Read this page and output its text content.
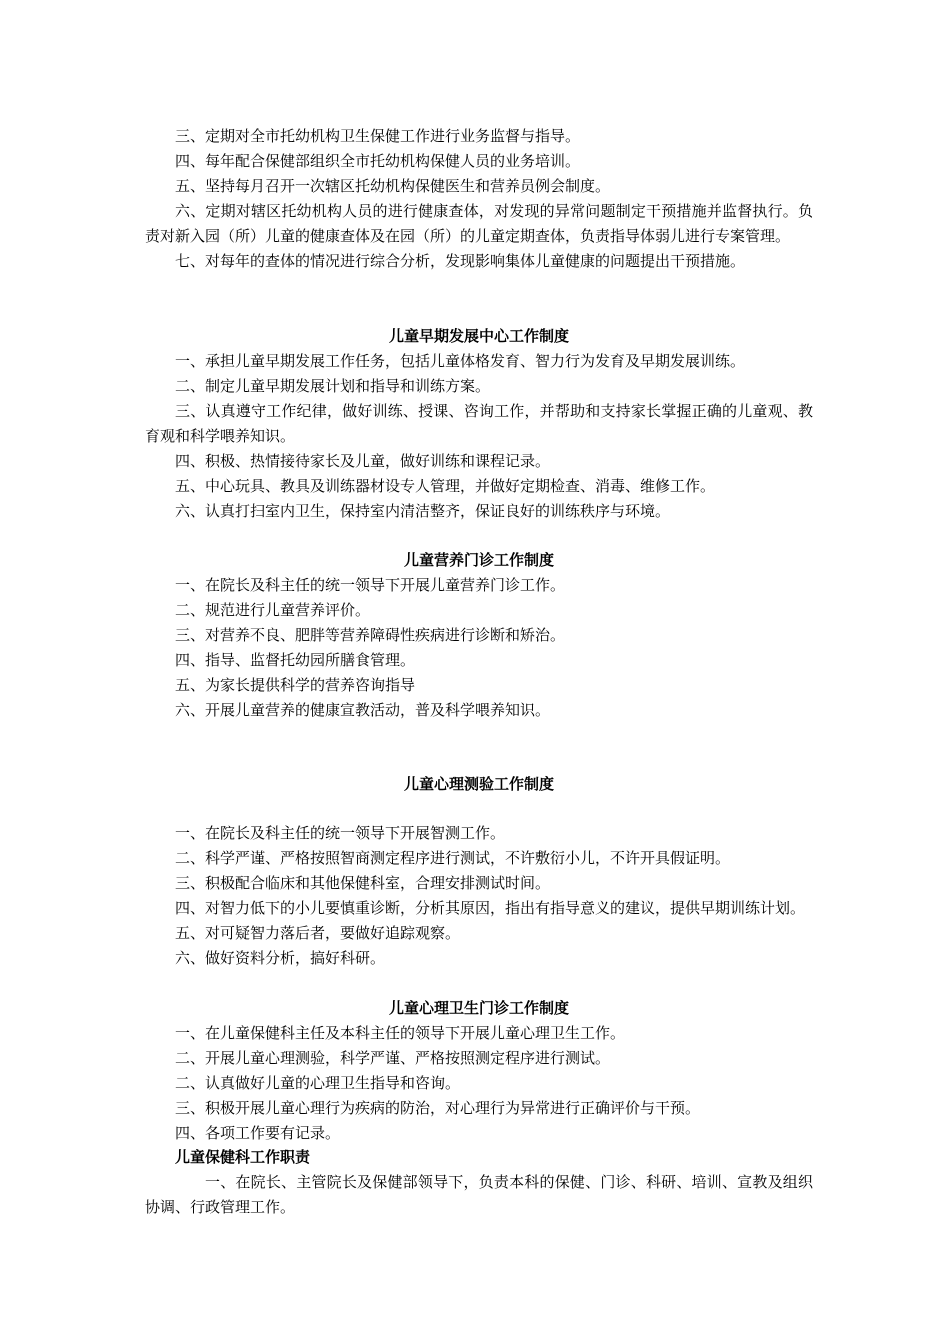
三、定期对全市托幼机构卫生保健工作进行业务监督与指导。

四、每年配合保健部组织全市托幼机构保健人员的业务培训。

五、坚持每月召开一次辖区托幼机构保健医生和营养员例会制度。

六、定期对辖区托幼机构人员的进行健康查体，对发现的异常问题制定干预措施并监督执行。负责对新入园（所）儿童的健康查体及在园（所）的儿童定期查体，负责指导体弱儿进行专案管理。

七、对每年的查体的情况进行综合分析，发现影响集体儿童健康的问题提出干预措施。

儿童早期发展中心工作制度

一、承担儿童早期发展工作任务，包括儿童体格发育、智力行为发育及早期发展训练。

二、制定儿童早期发展计划和指导和训练方案。

三、认真遵守工作纪律，做好训练、授课、咨询工作，并帮助和支持家长掌握正确的儿童观、教育观和科学喂养知识。

四、积极、热情接待家长及儿童，做好训练和课程记录。

五、中心玩具、教具及训练器材设专人管理，并做好定期检查、消毒、维修工作。

六、认真打扫室内卫生，保持室内清洁整齐，保证良好的训练秩序与环境。

儿童营养门诊工作制度

一、在院长及科主任的统一领导下开展儿童营养门诊工作。

二、规范进行儿童营养评价。

三、对营养不良、肥胖等营养障碍性疾病进行诊断和矫治。

四、指导、监督托幼园所膳食管理。

五、为家长提供科学的营养咨询指导

六、开展儿童营养的健康宣教活动，普及科学喂养知识。

儿童心理测验工作制度

一、在院长及科主任的统一领导下开展智测工作。

二、科学严谨、严格按照智商测定程序进行测试，不许敷衍小儿，不许开具假证明。

三、积极配合临床和其他保健科室，合理安排测试时间。

四、对智力低下的小儿要慎重诊断，分析其原因，指出有指导意义的建议，提供早期训练计划。

五、对可疑智力落后者，要做好追踪观察。

六、做好资料分析，搞好科研。

儿童心理卫生门诊工作制度

一、在儿童保健科主任及本科主任的领导下开展儿童心理卫生工作。

二、开展儿童心理测验，科学严谨、严格按照测定程序进行测试。

二、认真做好儿童的心理卫生指导和咨询。

三、积极开展儿童心理行为疾病的防治，对心理行为异常进行正确评价与干预。

四、各项工作要有记录。

儿童保健科工作职责

一、在院长、主管院长及保健部领导下，负责本科的保健、门诊、科研、培训、宣教及组织协调、行政管理工作。
